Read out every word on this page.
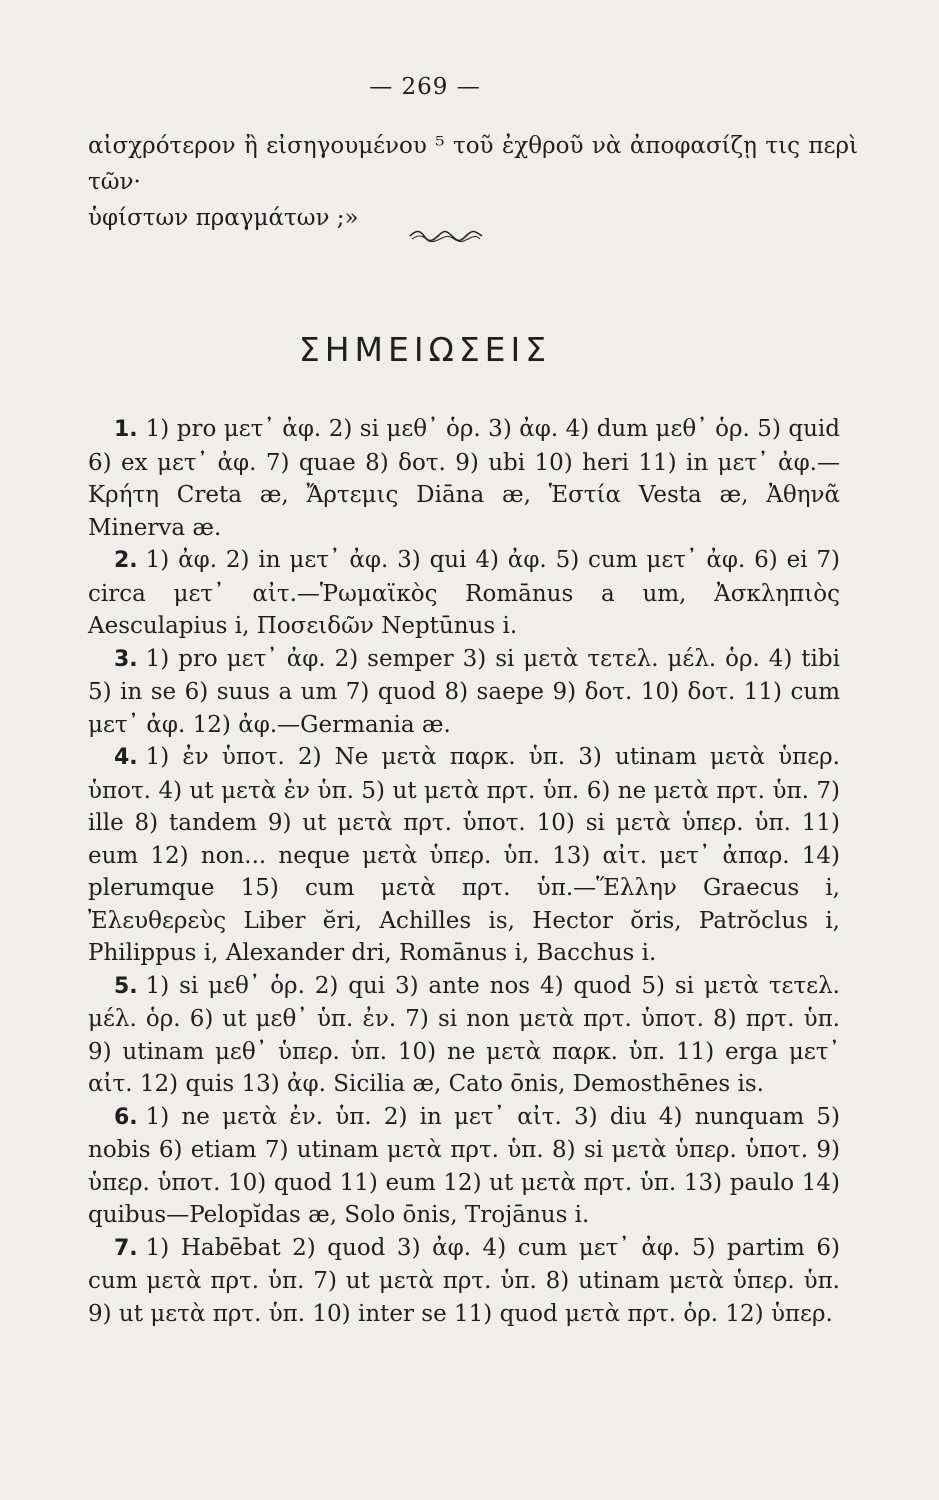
— 269 —
αἰσχρότερον ἢ εἰσηγουμένου ⁵ τοῦ ἐχθροῦ νὰ ἀποφασίζῃ τις περὶ τῶν·
ὑφίστων πραγμάτων ;»
ΣΗΜΕΙΩΣΕΙΣ

1. 1) pro μετ᾽ ἀφ. 2) si μεθ᾽ ὁρ. 3) ἀφ. 4) dum μεθ᾽ ὁρ. 5) quid 6) ex μετ᾽ ἀφ. 7) quae 8) δοτ. 9) ubi 10) heri 11) in μετ᾽ ἀφ.—Κρήτη Creta æ, Ἄρτεμις Diāna æ, Ἑστία Vesta æ, Ἀθηνᾶ Minerva æ.

2. 1) ἀφ. 2) in μετ᾽ ἀφ. 3) qui 4) ἀφ. 5) cum μετ᾽ ἀφ. 6) ei 7) circa μετ᾽ αἰτ.—Ῥωμαϊκὸς Romānus a um, Ἀσκληπιὸς Aesculapius i, Ποσειδῶν Neptūnus i.

3. 1) pro μετ᾽ ἀφ. 2) semper 3) si μετὰ τετελ. μέλ. ὁρ. 4) tibi 5) in se 6) suus a um 7) quod 8) saepe 9) δοτ. 10) δοτ. 11) cum μετ᾽ ἀφ. 12) ἀφ.—Germania æ.

4. 1) ἐν ὑποτ. 2) Ne μετὰ παρκ. ὑπ. 3) utinam μετὰ ὑπερ. ὑποτ. 4) ut μετὰ ἐν ὑπ. 5) ut μετὰ πρτ. ὑπ. 6) ne μετὰ πρτ. ὑπ. 7) ille 8) tandem 9) ut μετὰ πρτ. ὑποτ. 10) si μετὰ ὑπερ. ὑπ. 11) eum 12) non... neque μετὰ ὑπερ. ὑπ. 13) αἰτ. μετ᾽ ἀπαρ. 14) plerumque 15) cum μετὰ πρτ. ὑπ.—Ἕλλην Graecus i, Ἐλευθερεὺς Liber ĕri, Achilles is, Hector ŏris, Patrŏclus i, Philippus i, Alexander dri, Romānus i, Bacchus i.

5. 1) si μεθ᾽ ὁρ. 2) qui 3) ante nos 4) quod 5) si μετὰ τετελ. μέλ. ὁρ. 6) ut μεθ᾽ ὑπ. ἐν. 7) si non μετὰ πρτ. ὑποτ. 8) πρτ. ὑπ. 9) utinam μεθ᾽ ὑπερ. ὑπ. 10) ne μετὰ παρκ. ὑπ. 11) erga μετ᾽ αἰτ. 12) quis 13) ἀφ. Sicilia æ, Cato ōnis, Demosthēnes is.

6. 1) ne μετὰ ἐν. ὑπ. 2) in μετ᾽ αἰτ. 3) diu 4) nunquam 5) nobis 6) etiam 7) utinam μετὰ πρτ. ὑπ. 8) si μετὰ ὑπερ. ὑποτ. 9) ὑπερ. ὑποτ. 10) quod 11) eum 12) ut μετὰ πρτ. ὑπ. 13) paulo 14) quibus—Pelopĭdas æ, Solo ōnis, Trojānus i.

7. 1) Habēbat 2) quod 3) ἀφ. 4) cum μετ᾽ ἀφ. 5) partim 6) cum μετὰ πρτ. ὑπ. 7) ut μετὰ πρτ. ὑπ. 8) utinam μετὰ ὑπερ. ὑπ. 9) ut μετὰ πρτ. ὑπ. 10) inter se 11) quod μετὰ πρτ. ὁρ. 12) ὑπερ.
